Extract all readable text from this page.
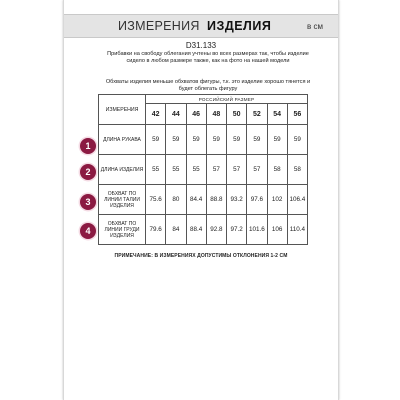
ИЗМЕРЕНИЯ ИЗДЕЛИЯ	в см
D31.133
Прибавки на свободу облегания учтены во всех размерах так, чтобы изделие сидело в любом размере также, как на фото на нашей модели
Обхваты изделия меньше обхватов фигуры, т.к. это изделие хорошо тянется и будет облегать фигуру
1
2
3
4
ИЗМЕРЕНИЯ	РОССИЙСКИЙ РАЗМЕР							
	42	44	46	48	50	52	54	56
ДЛИНА РУКАВА	59	59	59	59	59	59	59	59
ДЛИНА ИЗДЕЛИЯ	55	55	55	57	57	57	58	58
ОБХВАТ ПО ЛИНИИ ТАЛИИ ИЗДЕЛИЯ	75.6	80	84.4	88.8	93.2	97.6	102	106.4
ОБХВАТ ПО ЛИНИИ ГРУДИ ИЗДЕЛИЯ	79.6	84	88.4	92.8	97.2	101.6	106	110.4
ПРИМЕЧАНИЕ: В ИЗМЕРЕНИЯХ ДОПУСТИМЫ ОТКЛОНЕНИЯ 1-2 СМ
